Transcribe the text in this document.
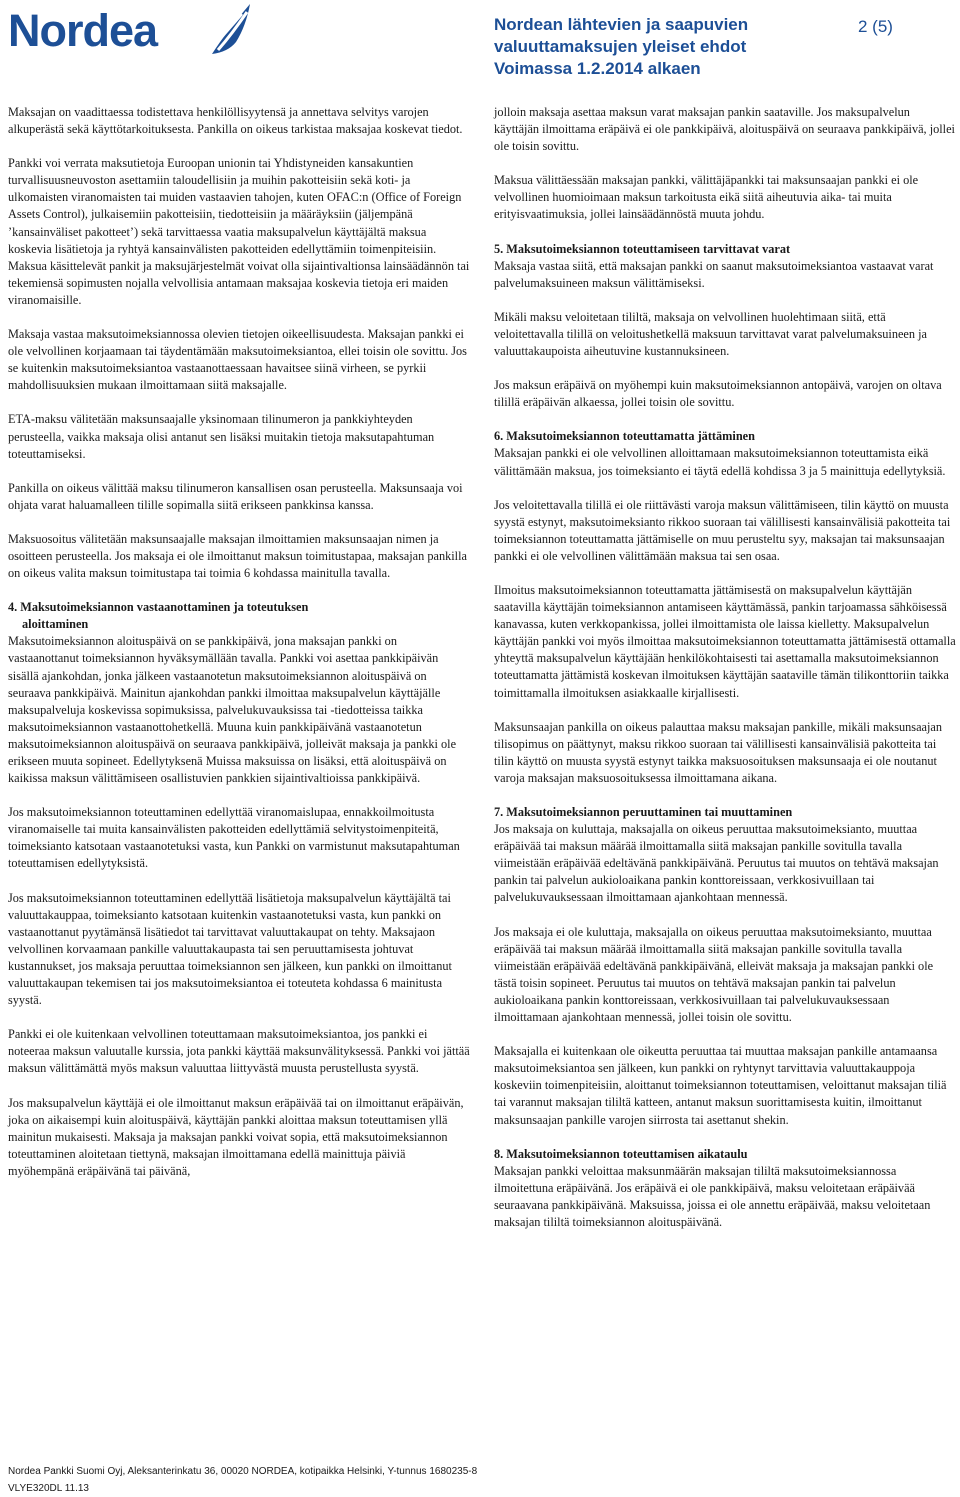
Nordea	Nordean lähtevien ja saapuvien
valuuttamaksujen yleiset ehdot
Voimassa 1.2.2014 alkaen
2 (5)

Maksajan on vaadittaessa todistettava henkilöllisyytensä ja annettava selvitys varojen alkuperästä sekä käyttötarkoituksesta. Pankilla on oikeus tarkistaa maksajaa koskevat tiedot.

Pankki voi verrata maksutietoja Euroopan unionin tai Yhdistyneiden kansakuntien turvallisuusneuvoston asettamiin taloudellisiin ja muihin pakotteisiin sekä koti- ja ulkomaisten viranomaisten tai muiden vastaavien tahojen, kuten OFAC:n (Office of Foreign Assets Control), julkaisemiin pakotteisiin, tiedotteisiin ja määräyksiin (jäljempänä ’kansainväliset pakotteet’) sekä tarvittaessa vaatia maksupalvelun käyttäjältä maksua koskevia lisätietoja ja ryhtyä kansainvälisten pakotteiden edellyttämiin toimenpiteisiin. Maksua käsittelevät pankit ja maksujärjestelmät voivat olla sijaintivaltionsa lainsäädännön tai tekemiensä sopimusten nojalla velvollisia antamaan maksajaa koskevia tietoja eri maiden viranomaisille.

Maksaja vastaa maksutoimeksiannossa olevien tietojen oikeellisuudesta. Maksajan pankki ei ole velvollinen korjaamaan tai täydentämään maksutoimeksiantoa, ellei toisin ole sovittu. Jos se kuitenkin maksutoimeksiantoa vastaanottaessaan havaitsee siinä virheen, se pyrkii mahdollisuuksien mukaan ilmoittamaan siitä maksajalle.

ETA-maksu välitetään maksunsaajalle yksinomaan tilinumeron ja pankkiyhteyden perusteella, vaikka maksaja olisi antanut sen lisäksi muitakin tietoja maksutapahtuman toteuttamiseksi.

Pankilla on oikeus välittää maksu tilinumeron kansallisen osan perusteella. Maksunsaaja voi ohjata varat haluamalleen tilille sopimalla siitä erikseen pankkinsa kanssa.

Maksuosoitus välitetään maksunsaajalle maksajan ilmoittamien maksunsaajan nimen ja osoitteen perusteella. Jos maksaja ei ole ilmoittanut maksun toimitustapaa, maksajan pankilla on oikeus valita maksun toimitustapa tai toimia 6 kohdassa mainitulla tavalla.

4. Maksutoimeksiannon vastaanottaminen ja toteutuksen
aloittaminen

Maksutoimeksiannon aloituspäivä on se pankkipäivä, jona maksajan pankki on vastaanottanut toimeksiannon hyväksymällään tavalla. Pankki voi asettaa pankkipäivän sisällä ajankohdan, jonka jälkeen vastaanotetun maksutoimeksiannon aloituspäivä on seuraava pankkipäivä. Mainitun ajankohdan pankki ilmoittaa maksupalvelun käyttäjälle maksupalveluja koskevissa sopimuksissa, palvelukuvauksissa tai -tiedotteissa taikka maksutoimeksiannon vastaanottohetkellä. Muuna kuin pankkipäivänä vastaanotetun maksutoimeksiannon aloituspäivä on seuraava pankkipäivä, jolleivät maksaja ja pankki ole erikseen muuta sopineet. Edellytyksenä Muissa maksuissa on lisäksi, että aloituspäivä on kaikissa maksun välittämiseen osallistuvien pankkien sijaintivaltioissa pankkipäivä.

Jos maksutoimeksiannon toteuttaminen edellyttää viranomaislupaa, ennakkoilmoitusta viranomaiselle tai muita kansainvälisten pakotteiden edellyttämiä selvitystoimenpiteitä, toimeksianto katsotaan vastaanotetuksi vasta, kun Pankki on varmistunut maksutapahtuman toteuttamisen edellytyksistä.

Jos maksutoimeksiannon toteuttaminen edellyttää lisätietoja maksupalvelun käyttäjältä tai valuuttakauppaa, toimeksianto katsotaan kuitenkin vastaanotetuksi vasta, kun pankki on vastaanottanut pyytämänsä lisätiedot tai tarvittavat valuuttakaupat on tehty. Maksajaon velvollinen korvaamaan pankille valuuttakaupasta tai sen peruuttamisesta johtuvat kustannukset, jos maksaja peruuttaa toimeksiannon sen jälkeen, kun pankki on ilmoittanut valuuttakaupan tekemisen tai jos maksutoimeksiantoa ei toteuteta kohdassa 6 mainitusta syystä.

Pankki ei ole kuitenkaan velvollinen toteuttamaan maksutoimeksiantoa, jos pankki ei noteeraa maksun valuutalle kurssia, jota pankki käyttää maksunvälityksessä. Pankki voi jättää maksun välittämättä myös maksun valuuttaa liittyvästä muusta perustellusta syystä.

Jos maksupalvelun käyttäjä ei ole ilmoittanut maksun eräpäivää tai on ilmoittanut eräpäivän, joka on aikaisempi kuin aloituspäivä, käyttäjän pankki aloittaa maksun toteuttamisen yllä mainitun mukaisesti. Maksaja ja maksajan pankki voivat sopia, että maksutoimeksiannon toteuttaminen aloitetaan tiettynä, maksajan ilmoittamana edellä mainittuja päiviä myöhempänä eräpäivänä tai päivänä,

jolloin maksaja asettaa maksun varat maksajan pankin saataville. Jos maksupalvelun käyttäjän ilmoittama eräpäivä ei ole pankkipäivä, aloituspäivä on seuraava pankkipäivä, jollei ole toisin sovittu.

Maksua välittäessään maksajan pankki, välittäjäpankki tai maksunsaajan pankki ei ole velvollinen huomioimaan maksun tarkoitusta eikä siitä aiheutuvia aika- tai muita erityisvaatimuksia, jollei lainsäädännöstä muuta johdu.

5. Maksutoimeksiannon toteuttamiseen tarvittavat varat

Maksaja vastaa siitä, että maksajan pankki on saanut maksutoimeksiantoa vastaavat varat palvelumaksuineen maksun välittämiseksi.

Mikäli maksu veloitetaan tililtä, maksaja on velvollinen huolehtimaan siitä, että veloitettavalla tilillä on veloitushetkellä maksuun tarvittavat varat palvelumaksuineen ja valuuttakaupoista aiheutuvine kustannuksineen.

Jos maksun eräpäivä on myöhempi kuin maksutoimeksiannon antopäivä, varojen on oltava tilillä eräpäivän alkaessa, jollei toisin ole sovittu.

6. Maksutoimeksiannon toteuttamatta jättäminen

Maksajan pankki ei ole velvollinen alloittamaan maksutoimeksiannon toteuttamista eikä välittämään maksua, jos toimeksianto ei täytä edellä kohdissa 3 ja 5 mainittuja edellytyksiä.

Jos veloitettavalla tilillä ei ole riittävästi varoja maksun välittämiseen, tilin käyttö on muusta syystä estynyt, maksutoimeksianto rikkoo suoraan tai välillisesti kansainvälisiä pakotteita tai toimeksiannon toteuttamatta jättämiselle on muu perusteltu syy, maksajan tai maksunsaajan pankki ei ole velvollinen välittämään maksua tai sen osaa.

Ilmoitus maksutoimeksiannon toteuttamatta jättämisestä on maksupalvelun käyttäjän saatavilla käyttäjän toimeksiannon antamiseen käyttämässä, pankin tarjoamassa sähköisessä kanavassa, kuten verkkopankissa, jollei ilmoittamista ole laissa kielletty. Maksupalvelun käyttäjän pankki voi myös ilmoittaa maksutoimeksiannon toteuttamatta jättämisestä ottamalla yhteyttä maksupalvelun käyttäjään henkilökohtaisesti tai asettamalla maksutoimeksiannon toteuttamatta jättämistä koskevan ilmoituksen käyttäjän saataville tämän tilikonttoriin taikka toimittamalla ilmoituksen asiakkaalle kirjallisesti.

Maksunsaajan pankilla on oikeus palauttaa maksu maksajan pankille, mikäli maksunsaajan tilisopimus on päättynyt, maksu rikkoo suoraan tai välillisesti kansainvälisiä pakotteita tai tilin käyttö on muusta syystä estynyt taikka maksuosoituksen maksunsaaja ei ole noutanut varoja maksajan maksuosoituksessa ilmoittamana aikana.

7. Maksutoimeksiannon peruuttaminen tai muuttaminen

Jos maksaja on kuluttaja, maksajalla on oikeus peruuttaa maksutoimeksianto, muuttaa eräpäivää tai maksun määrää ilmoittamalla siitä maksajan pankille sovitulla tavalla viimeistään eräpäivää edeltävänä pankkipäivänä. Peruutus tai muutos on tehtävä maksajan pankin tai palvelun aukioloaikana pankin konttoreissaan, verkkosivuillaan tai palvelukuvauksessaan ilmoittamaan ajankohtaan mennessä.

Jos maksaja ei ole kuluttaja, maksajalla on oikeus peruuttaa maksutoimeksianto, muuttaa eräpäivää tai maksun määrää ilmoittamalla siitä maksajan pankille sovitulla tavalla viimeistään eräpäivää edeltävänä pankkipäivänä, elleivät maksaja ja maksajan pankki ole tästä toisin sopineet. Peruutus tai muutos on tehtävä maksajan pankin tai palvelun aukioloaikana pankin konttoreissaan, verkkosivuillaan tai palvelukuvauksessaan ilmoittamaan ajankohtaan mennessä, jollei toisin ole sovittu.

Maksajalla ei kuitenkaan ole oikeutta peruuttaa tai muuttaa maksajan pankille antamaansa maksutoimeksiantoa sen jälkeen, kun pankki on ryhtynyt tarvittavia valuuttakauppoja koskeviin toimenpiteisiin, aloittanut toimeksiannon toteuttamisen, veloittanut maksajan tiliä tai varannut maksajan tililtä katteen, antanut maksun suorittamisesta kuitin, ilmoittanut maksunsaajan pankille varojen siirrosta tai asettanut shekin.

8. Maksutoimeksiannon toteuttamisen aikataulu

Maksajan pankki veloittaa maksunmäärän maksajan tililtä maksutoimeksiannossa ilmoitettuna eräpäivänä. Jos eräpäivä ei ole pankkipäivä, maksu veloitetaan eräpäivää seuraavana pankkipäivänä. Maksuissa, joissa ei ole annettu eräpäivää, maksu veloitetaan maksajan tililtä toimeksiannon aloituspäivänä.

Nordea Pankki Suomi Oyj, Aleksanterinkatu 36, 00020 NORDEA, kotipaikka Helsinki, Y-tunnus 1680235-8
VLYE320DL 11.13
